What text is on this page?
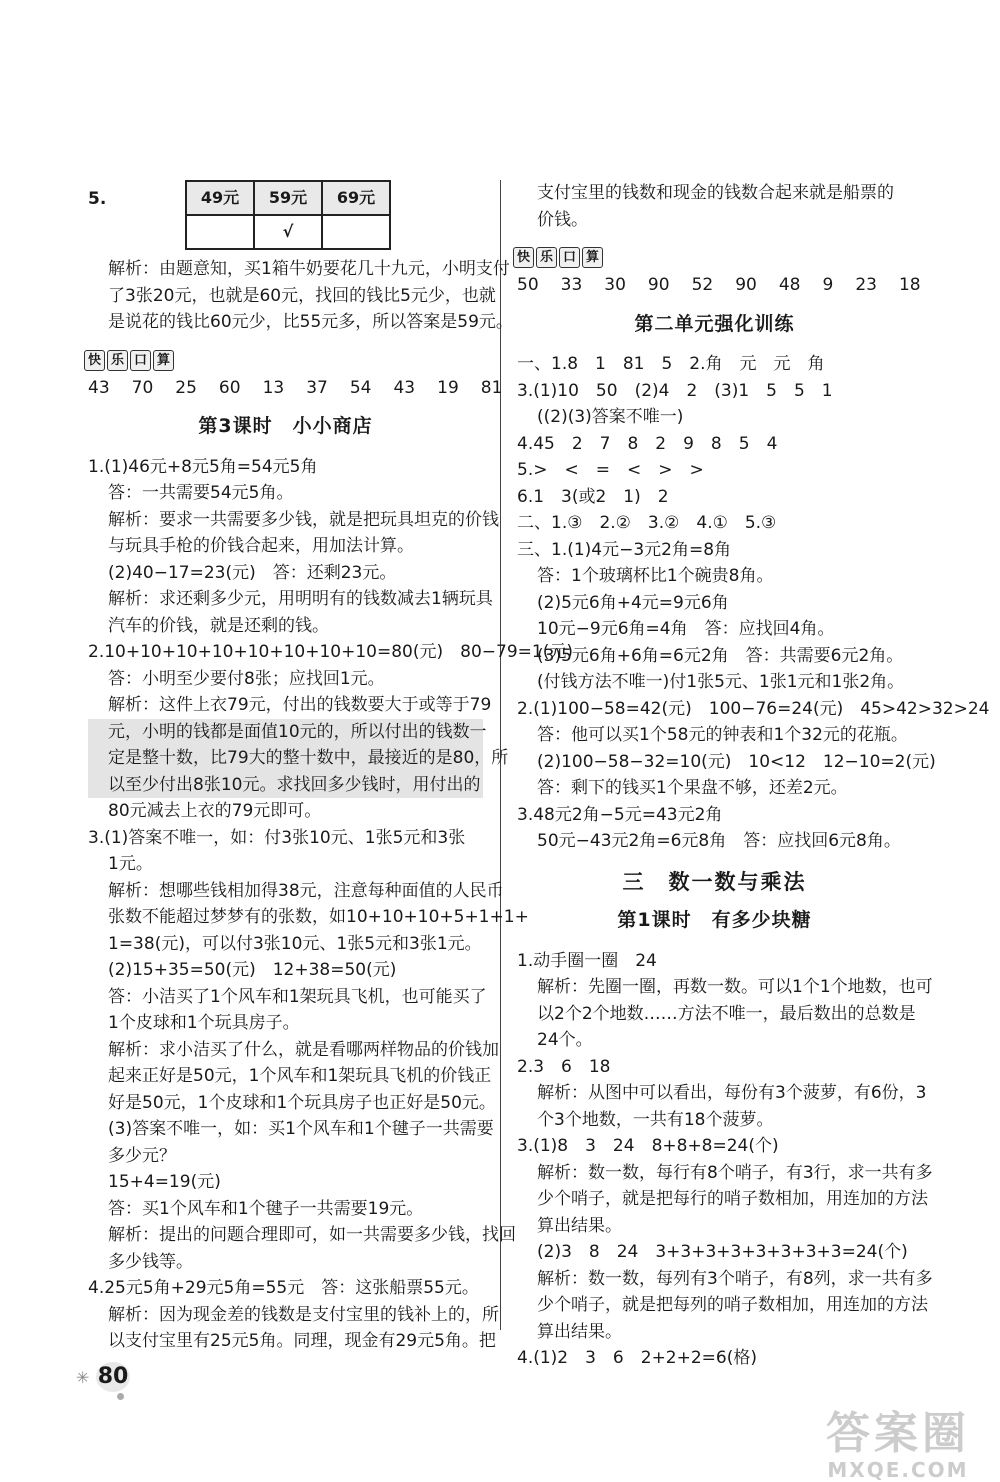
5.	49元	59元	69元
	√	
解析：由题意知，买1箱牛奶要花几十九元，小明支付
了3张20元，也就是60元，找回的钱比5元少，也就
是说花的钱比60元少，比55元多，所以答案是59元。
快 乐 口 算
43 70 25 60 13 37 54 43 19 81
第3课时　小小商店
1.(1)46元+8元5角=54元5角
答：一共需要54元5角。
解析：要求一共需要多少钱，就是把玩具坦克的价钱
与玩具手枪的价钱合起来，用加法计算。
(2)40−17=23(元)　答：还剩23元。
解析：求还剩多少元，用明明有的钱数减去1辆玩具
汽车的价钱，就是还剩的钱。
2.10+10+10+10+10+10+10+10=80(元)　80−79=1(元)
答：小明至少要付8张；应找回1元。
解析：这件上衣79元，付出的钱数要大于或等于79
元，小明的钱都是面值10元的，所以付出的钱数一
定是整十数，比79大的整十数中，最接近的是80，所
以至少付出8张10元。求找回多少钱时，用付出的
80元减去上衣的79元即可。
3.(1)答案不唯一，如：付3张10元、1张5元和3张
1元。
解析：想哪些钱相加得38元，注意每种面值的人民币
张数不能超过梦梦有的张数，如10+10+10+5+1+1+
1=38(元)，可以付3张10元、1张5元和3张1元。
(2)15+35=50(元)　12+38=50(元)
答：小洁买了1个风车和1架玩具飞机，也可能买了
1个皮球和1个玩具房子。
解析：求小洁买了什么，就是看哪两样物品的价钱加
起来正好是50元，1个风车和1架玩具飞机的价钱正
好是50元，1个皮球和1个玩具房子也正好是50元。
(3)答案不唯一，如：买1个风车和1个毽子一共需要
多少元？
15+4=19(元)
答：买1个风车和1个毽子一共需要19元。
解析：提出的问题合理即可，如一共需要多少钱，找回
多少钱等。
4.25元5角+29元5角=55元　答：这张船票55元。
解析：因为现金差的钱数是支付宝里的钱补上的，所
以支付宝里有25元5角。同理，现金有29元5角。把
支付宝里的钱数和现金的钱数合起来就是船票的
价钱。
快 乐 口 算
50 33 30 90 52 90 48 9 23 18
第二单元强化训练
一、1.8　1　81　5　2.角　元　元　角
3.(1)10　50　(2)4　2　(3)1　5　5　1
((2)(3)答案不唯一)
4.45　2　7　8　2　9　8　5　4
5.>　<　=　<　>　>
6.1　3(或2　1)　2
二、1.③　2.②　3.②　4.①　5.③
三、1.(1)4元−3元2角=8角
答：1个玻璃杯比1个碗贵8角。
(2)5元6角+4元=9元6角
10元−9元6角=4角　答：应找回4角。
(3)5元6角+6角=6元2角　答：共需要6元2角。
(付钱方法不唯一)付1张5元、1张1元和1张2角。
2.(1)100−58=42(元)　100−76=24(元)　45>42>32>24
答：他可以买1个58元的钟表和1个32元的花瓶。
(2)100−58−32=10(元)　10<12　12−10=2(元)
答：剩下的钱买1个果盘不够，还差2元。
3.48元2角−5元=43元2角
50元−43元2角=6元8角　答：应找回6元8角。
三　数一数与乘法
第1课时　有多少块糖
1.动手圈一圈　24
解析：先圈一圈，再数一数。可以1个1个地数，也可
以2个2个地数……方法不唯一，最后数出的总数是
24个。
2.3　6　18
解析：从图中可以看出，每份有3个菠萝，有6份，3
个3个地数，一共有18个菠萝。
3.(1)8　3　24　8+8+8=24(个)
解析：数一数，每行有8个哨子，有3行，求一共有多
少个哨子，就是把每行的哨子数相加，用连加的方法
算出结果。
(2)3　8　24　3+3+3+3+3+3+3+3=24(个)
解析：数一数，每列有3个哨子，有8列，求一共有多
少个哨子，就是把每列的哨子数相加，用连加的方法
算出结果。
4.(1)2　3　6　2+2+2=6(格)
✳ 80
答案圈
MXQE.COM
